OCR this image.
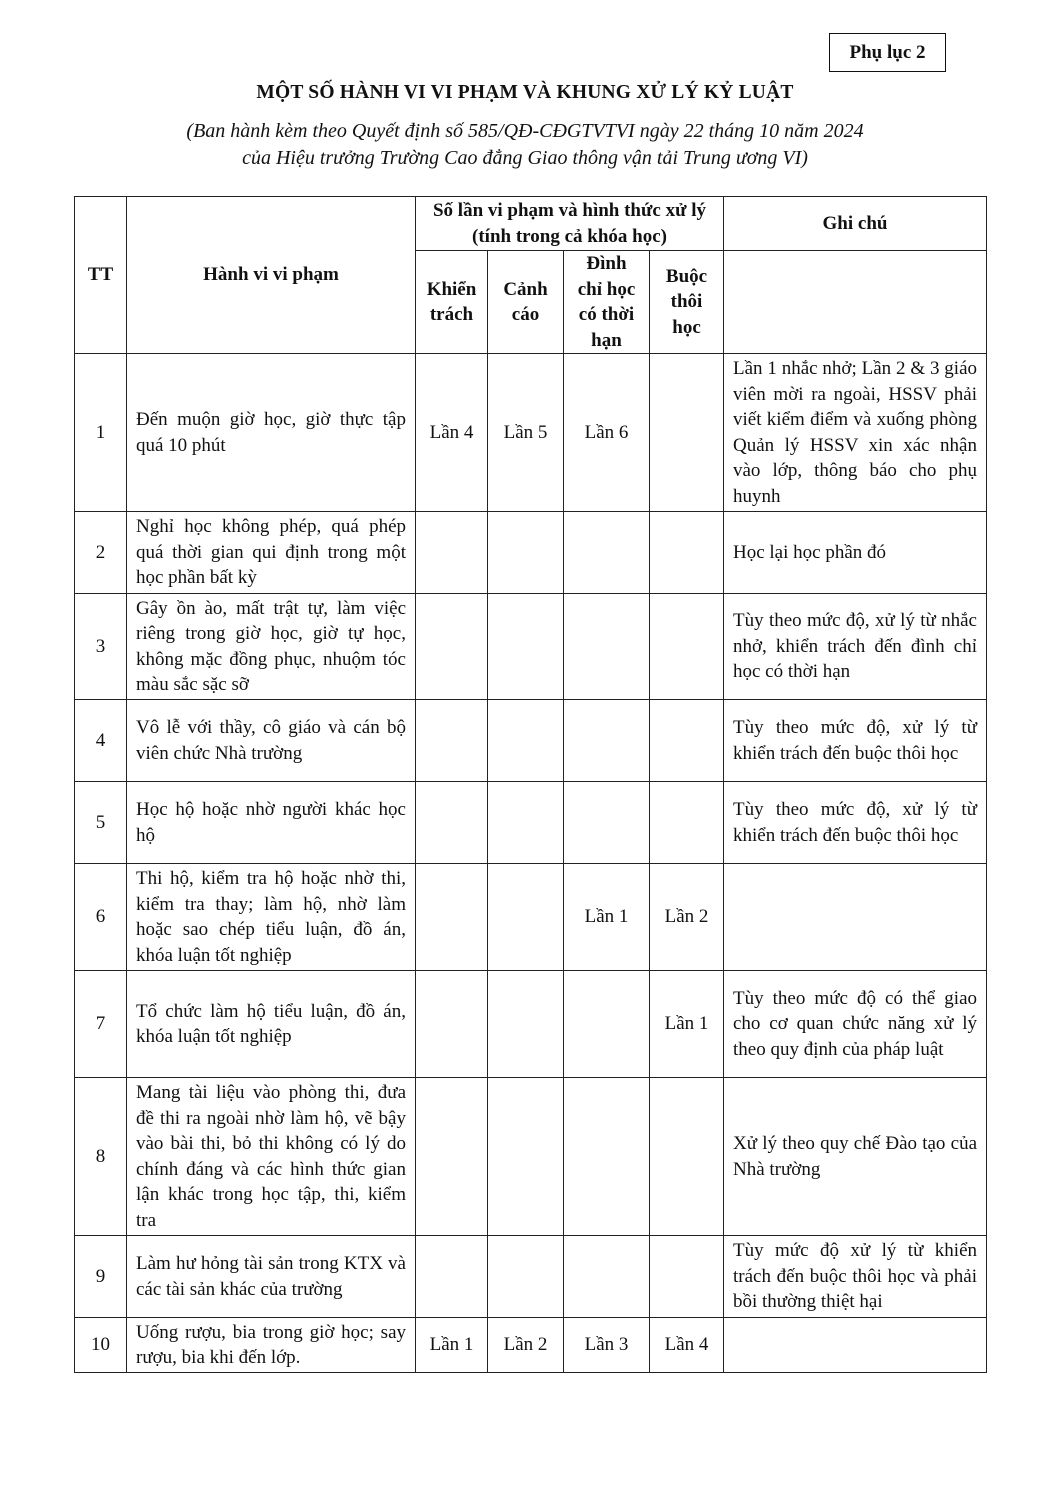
Phụ lục 2
MỘT SỐ HÀNH VI VI PHẠM VÀ KHUNG XỬ LÝ KỶ LUẬT
(Ban hành kèm theo Quyết định số 585/QĐ-CĐGTVTVI ngày 22 tháng 10 năm 2024
của Hiệu trưởng Trường Cao đẳng Giao thông vận tải Trung ương VI)
TT	Hành vi vi phạm	Số lần vi phạm và hình thức xử lý (tính trong cả khóa học)				Ghi chú
		Khiển trách	Cảnh cáo	Đình chỉ học có thời hạn	Buộc thôi học	
1	Đến muộn giờ học, giờ thực tập quá 10 phút	Lần 4	Lần 5	Lần 6		Lần 1 nhắc nhở; Lần 2 & 3 giáo viên mời ra ngoài, HSSV phải viết kiểm điểm và xuống phòng Quản lý HSSV xin xác nhận vào lớp, thông báo cho phụ huynh
2	Nghỉ học không phép, quá phép quá thời gian qui định trong một học phần bất kỳ					Học lại học phần đó
3	Gây ồn ào, mất trật tự, làm việc riêng trong giờ học, giờ tự học, không mặc đồng phục, nhuộm tóc màu sắc sặc sỡ					Tùy theo mức độ, xử lý từ nhắc nhở, khiển trách đến đình chỉ học có thời hạn
4	Vô lễ với thầy, cô giáo và cán bộ viên chức Nhà trường					Tùy theo mức độ, xử lý từ khiển trách đến buộc thôi học
5	Học hộ hoặc nhờ người khác học hộ					Tùy theo mức độ, xử lý từ khiển trách đến buộc thôi học
6	Thi hộ, kiểm tra hộ hoặc nhờ thi, kiểm tra thay; làm hộ, nhờ làm hoặc sao chép tiểu luận, đồ án, khóa luận tốt nghiệp			Lần 1	Lần 2	
7	Tổ chức làm hộ tiểu luận, đồ án, khóa luận tốt nghiệp				Lần 1	Tùy theo mức độ có thể giao cho cơ quan chức năng xử lý theo quy định của pháp luật
8	Mang tài liệu vào phòng thi, đưa đề thi ra ngoài nhờ làm hộ, vẽ bậy vào bài thi, bỏ thi không có lý do chính đáng và các hình thức gian lận khác trong học tập, thi, kiểm tra					Xử lý theo quy chế Đào tạo của Nhà trường
9	Làm hư hỏng tài sản trong KTX và các tài sản khác của trường					Tùy mức độ xử lý từ khiển trách đến buộc thôi học và phải bồi thường thiệt hại
10	Uống rượu, bia trong giờ học; say rượu, bia khi đến lớp.	Lần 1	Lần 2	Lần 3	Lần 4	
